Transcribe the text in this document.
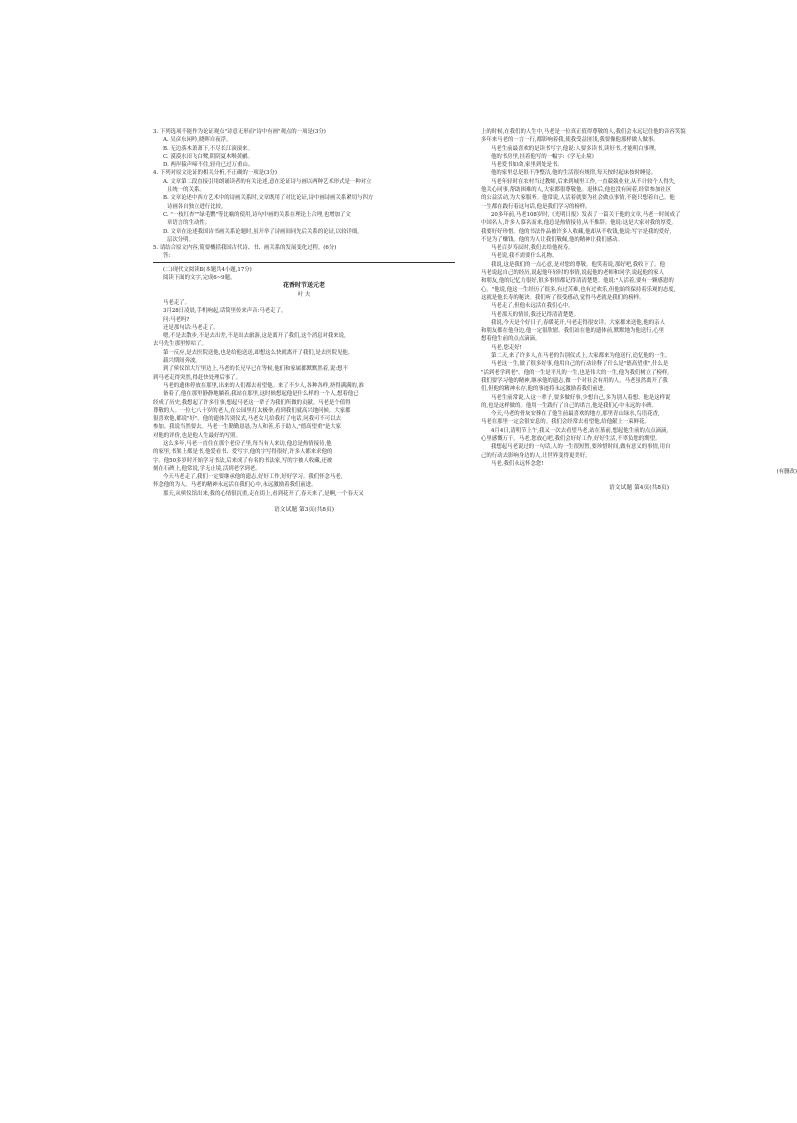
3. 下列选项不能作为论证观点"诗意无形而"诗中有画"观点的一项是(3分)
A. 吴彦东闲吟,晓晖自夜浮。
B. 无边落木萧萧下,不尽长江滚滚来。
C. 漠漠水田飞白鹭,阴阴夏木啭黄鹂。
D. 两岸猿声啼不住,轻舟已过万重山。
4. 下列对原文论证的相关分析,不正确的一项是(3分)
A. 文章第二段直接引用朗诵读者的有关论述,意在论证诗与画以两种艺术形式是一种对立
且统一的关系。
B. 文章论述中西方艺术中的诗画关系时,文章既用了对比论证,诗中画诗画关系紧切与四方
诗画各自独立进行比较。
C. "一枝红杏""绿毛鹦"等比喻的使用,诗句中画的关系在理论上合理,也增加了文
章语言的生动性。
D. 文章在论述我国诗书画关系论题时,虽开举了诗画间同先后关系的论证,以较详细,
层次分明。
5. 请结合原文内容,简要概括我国古代诗、书、画关系的发展变化过程。(6分)
答:
(二)现代文阅读Ⅱ(本题共4小题,17分)
阅读下面的文字,完成6~9题。
花香时节送元老
叶 夫
马老走了。
3月28日凌晨,手机响起,话筒里传来声音:马老走了。
问:马老吗?
还是那句话:马老走了。
嗯,不是去散步,不是去出差,不是出去旅游,这是离开了我们,这个消息对我来说,
去马先生那里悼唁了。
第一反应,是去医院送他,也是给他送送,却想这么快就离开了我们,是去医院见他。
载兴期间奔波。
到了殡仪馆大厅里边上,马老的长兄早已在等候,他们和家属都默默然着,说:想不
到马老走得突然,得赶快处理后事了。
马老的遗体停放在那里,出来的人们都去看望他。来了不少人,各种各样,挤得满满的,准
备着了,他在那里静静地躺着,我站在那里,这时候想起他是什么样的一个人,想着他已
经成了历史,我想起了许多往事,想起马老这一辈子为我们所做的贡献。马老是个值得
尊敬的人。一位七八十岁的老人,在公园里打太极拳,看到我们就高兴地问候。大家都
很喜欢他,都说"好"。他的遗体告别仪式,马老女儿给我打了电话,问我可不可以去
参加。我说当然要去。马老一生勤勤恳恳,为人和善,乐于助人,"德高望重"是大家
对他的评价,也是他人生最好的写照。
这么多年,马老一直住在那个老房子里,每当有人来访,他总是热情接待,他
的家里,书架上都是书,他爱看书、爱写字,他的字写得很好,许多人都来求他的
字。他50多岁时开始学习书法,后来成了有名的书法家,写的字被人收藏,还被
刻在石碑上,他常说,学无止境,活到老学到老。
今天马老走了,我们一定要继承他的遗志,好好工作,好好学习。我们怀念马老,
怀念他的为人。马老的精神永远活在我们心中,永远激励着我们前进。
那天,从殡仪馆出来,我的心情很沉重,走在街上,看到花开了,春天来了,是啊,一个春天又
语文试题 第3页(共8页)
上的时候,在我们的人生中,马老是一位真正值得尊敬的人,我们会永远记住他的音容笑貌
多年来马老的一言一行,都影响着我,使我受益匪浅,我要像他那样做人做事。
马老生前最喜欢的是读书写字,他说:人要多读书,读好书,才能明白事理。
他的书房里,挂着他写的一幅字:《学无止境》
马老爱书如命,家里到处是书。
他的家里总是很干净整洁,他的生活很有规律,每天按时起床按时睡觉。
马老年轻时在农村当过教师,后来到城里工作,一直兢兢业业,从不计较个人得失,
他关心同事,帮助困难的人,大家都很尊敬他。退休后,他也没有闲着,经常参加社区
的公益活动,为大家服务。他常说,人活着就要为社会做点事情,不能只想着自己。他
一生都在践行着这句话,他是我们学习的榜样。
20多年前,马老108岁时,《光明日报》发表了一篇关于他的文章,马老一时间成了
中国名人,许多人慕名而来,他总是热情接待,从不推辞。他说:这是大家对我的厚爱,
我要好好珍惜。他的书法作品被许多人收藏,他却从不收钱,他说:写字是我的爱好,
不是为了赚钱。他的为人让我们敬佩,他的精神让我们感动。
马老百岁寿辰时,我们去给他祝寿。
马老说,我不需要什么礼物。
我说,这是我们的一点心意,是对您的尊敬。他笑着说,那好吧,我收下了。他
马老说起自己的经历,说起他年轻时的事情,说起他的老师和同学,说起他的家人
和朋友,他的记忆力很好,很多事情都记得清清楚楚。他说:"人活着,要有一颗感恩的
心。"他说,他这一生经历了很多,有过苦难,也有过欢乐,但他始终保持着乐观的态度,
这就是他长寿的秘诀。我们听了很受感动,觉得马老就是我们的榜样。
马老走了,但他永远活在我们心中。
马老那天的情景,我还记得清清楚楚。
我说,今天是个好日子,春暖花开,马老走得很安详。大家都来送他,他的亲人
和朋友都在他身边,他一定很欣慰。我们站在他的遗体前,默默地为他送行,心里
想着他生前的点点滴滴。
马老,您走好!
第二天,来了许多人,在马老的告别仪式上,大家都来为他送行,追忆他的一生。
马老这一生,做了很多好事,他用自己的行动诠释了什么是"德高望重",什么是
"活到老学到老"。他的一生是平凡的一生,也是伟大的一生,他为我们树立了榜样,
我们要学习他的精神,继承他的遗志,做一个对社会有用的人。马老虽然离开了我
们,但他的精神永存,他的事迹将永远激励着我们前进。
马老生前常说,人这一辈子,要多做好事,少想自己,多为别人着想。他是这样说
的,也是这样做的。他用一生践行了自己的诺言,他是我们心中永远的丰碑。
今天,马老的骨灰安葬在了他生前最喜欢的地方,那里青山绿水,鸟语花香,
马老在那里一定会很安息的。我们会经常去看望他,给他献上一束鲜花。
4月4日,清明节上午,我又一次去看望马老,站在墓前,想起他生前的点点滴滴,
心里感慨万千。马老,您放心吧,我们会好好工作,好好生活,不辜负您的期望。
我想起马老说过的一句话,人的一生很短暂,要珍惜时间,做有意义的事情,用自
己的行动去影响身边的人,让世界变得更美好。
马老,我们永远怀念您!
(有删改)
语文试题 第4页(共8页)
